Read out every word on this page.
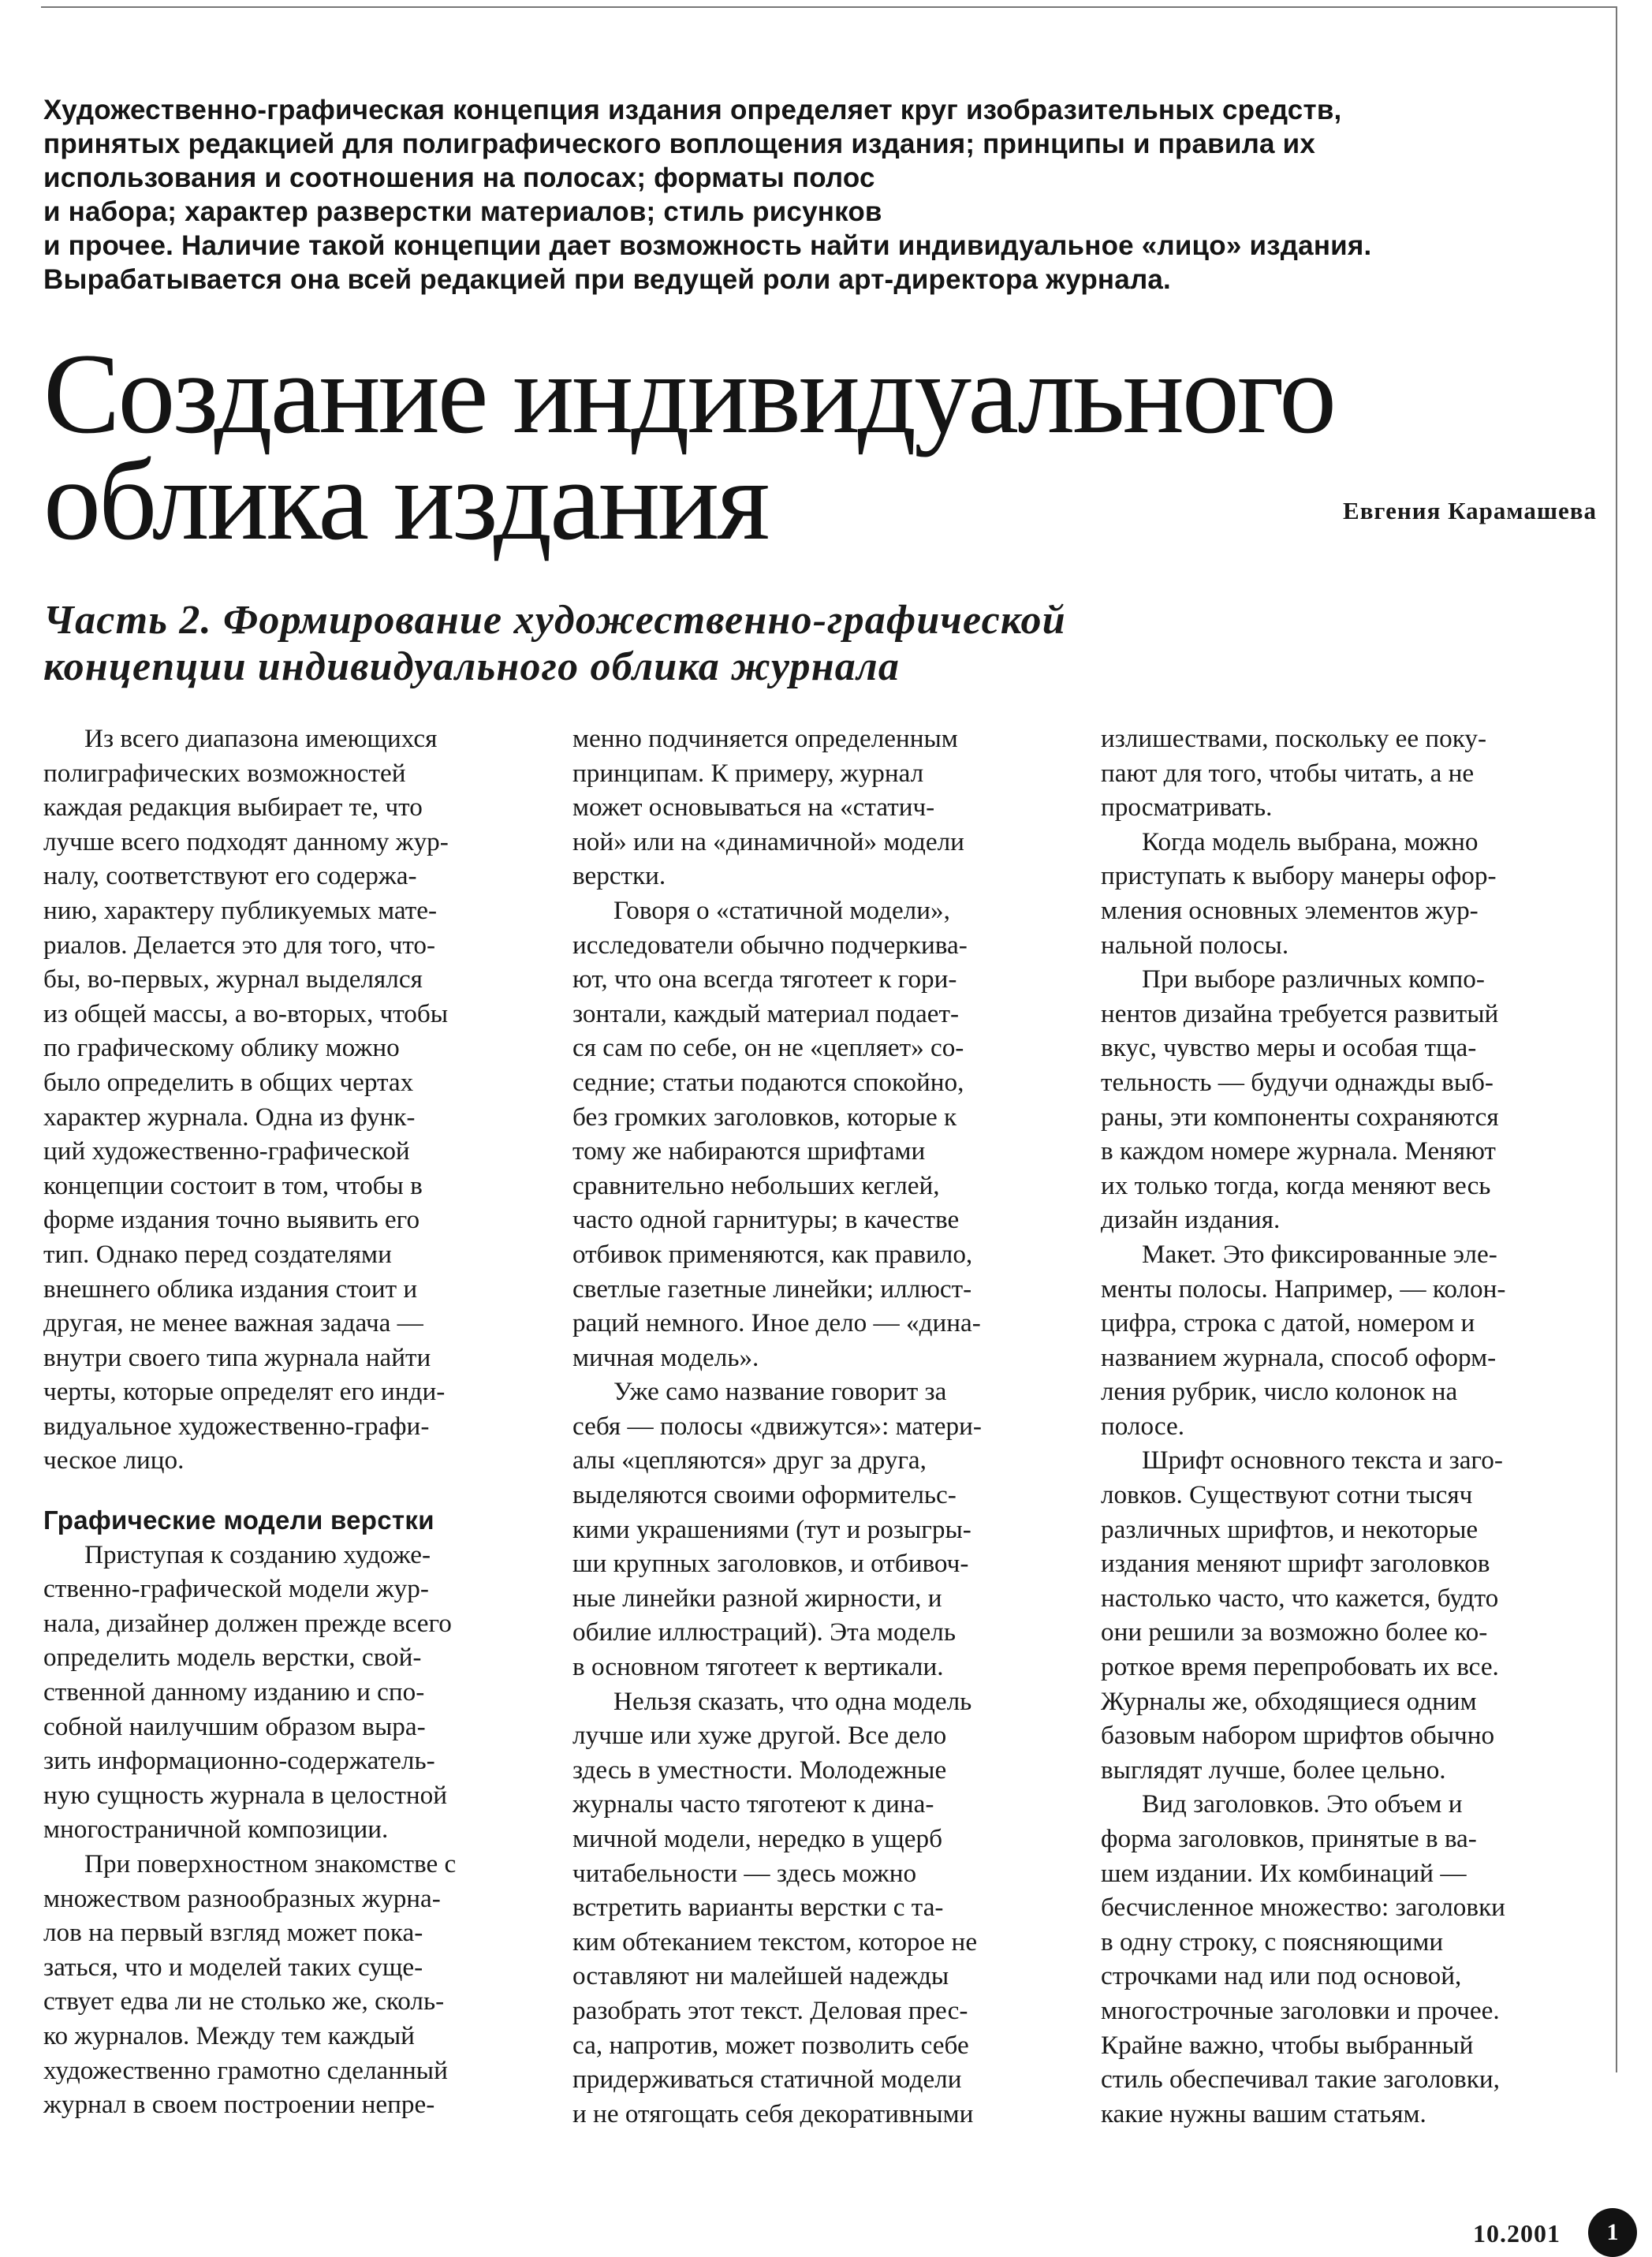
Художественно-графическая концепция издания определяет круг изобразительных средств,
принятых редакцией для полиграфического воплощения издания; принципы и правила их
использования и соотношения на полосах; форматы полос
и набора; характер разверстки материалов; стиль рисунков
и прочее. Наличие такой концепции дает возможность найти индивидуальное «лицо» издания.
Вырабатывается она всей редакцией при ведущей роли арт-директора журнала.
Создание индивидуального
облика издания	Евгения Карамашева
Часть 2. Формирование художественно-графической
концепции индивидуального облика журнала
Из всего диапазона имеющихся
полиграфических возможностей
каждая редакция выбирает те, что
лучше всего подходят данному жур-
налу, соответствуют его содержа-
нию, характеру публикуемых мате-
риалов. Делается это для того, что-
бы, во-первых, журнал выделялся
из общей массы, а во-вторых, чтобы
по графическому облику можно
было определить в общих чертах
характер журнала. Одна из функ-
ций художественно-графической
концепции состоит в том, чтобы в
форме издания точно выявить его
тип. Однако перед создателями
внешнего облика издания стоит и
другая, не менее важная задача —
внутри своего типа журнала найти
черты, которые определят его инди-
видуальное художественно-графи-
ческое лицо.
Графические модели верстки
Приступая к созданию художе-
ственно-графической модели жур-
нала, дизайнер должен прежде всего
определить модель верстки, свой-
ственной данному изданию и спо-
собной наилучшим образом выра-
зить информационно-содержатель-
ную сущность журнала в целостной
многостраничной композиции.
При поверхностном знакомстве с
множеством разнообразных журна-
лов на первый взгляд может пока-
заться, что и моделей таких суще-
ствует едва ли не столько же, сколь-
ко журналов. Между тем каждый
художественно грамотно сделанный
журнал в своем построении непре-
менно подчиняется определенным
принципам. К примеру, журнал
может основываться на «статич-
ной» или на «динамичной» модели
верстки.
Говоря о «статичной модели»,
исследователи обычно подчеркива-
ют, что она всегда тяготеет к гори-
зонтали, каждый материал подает-
ся сам по себе, он не «цепляет» со-
седние; статьи подаются спокойно,
без громких заголовков, которые к
тому же набираются шрифтами
сравнительно небольших кеглей,
часто одной гарнитуры; в качестве
отбивок применяются, как правило,
светлые газетные линейки; иллюст-
раций немного. Иное дело — «дина-
мичная модель».
Уже само название говорит за
себя — полосы «движутся»: матери-
алы «цепляются» друг за друга,
выделяются своими оформительс-
кими украшениями (тут и розыгры-
ши крупных заголовков, и отбивоч-
ные линейки разной жирности, и
обилие иллюстраций). Эта модель
в основном тяготеет к вертикали.
Нельзя сказать, что одна модель
лучше или хуже другой. Все дело
здесь в уместности. Молодежные
журналы часто тяготеют к дина-
мичной модели, нередко в ущерб
читабельности — здесь можно
встретить варианты верстки с та-
ким обтеканием текстом, которое не
оставляют ни малейшей надежды
разобрать этот текст. Деловая прес-
са, напротив, может позволить себе
придерживаться статичной модели
и не отягощать себя декоративными
излишествами, поскольку ее поку-
пают для того, чтобы читать, а не
просматривать.
Когда модель выбрана, можно
приступать к выбору манеры офор-
мления основных элементов жур-
нальной полосы.
При выборе различных компо-
нентов дизайна требуется развитый
вкус, чувство меры и особая тща-
тельность — будучи однажды выб-
раны, эти компоненты сохраняются
в каждом номере журнала. Меняют
их только тогда, когда меняют весь
дизайн издания.
Макет. Это фиксированные эле-
менты полосы. Например, — колон-
цифра, строка с датой, номером и
названием журнала, способ оформ-
ления рубрик, число колонок на
полосе.
Шрифт основного текста и заго-
ловков. Существуют сотни тысяч
различных шрифтов, и некоторые
издания меняют шрифт заголовков
настолько часто, что кажется, будто
они решили за возможно более ко-
роткое время перепробовать их все.
Журналы же, обходящиеся одним
базовым набором шрифтов обычно
выглядят лучше, более цельно.
Вид заголовков. Это объем и
форма заголовков, принятые в ва-
шем издании. Их комбинаций —
бесчисленное множество: заголовки
в одну строку, с поясняющими
строчками над или под основой,
многострочные заголовки и прочее.
Крайне важно, чтобы выбранный
стиль обеспечивал такие заголовки,
какие нужны вашим статьям.
10.2001	1
